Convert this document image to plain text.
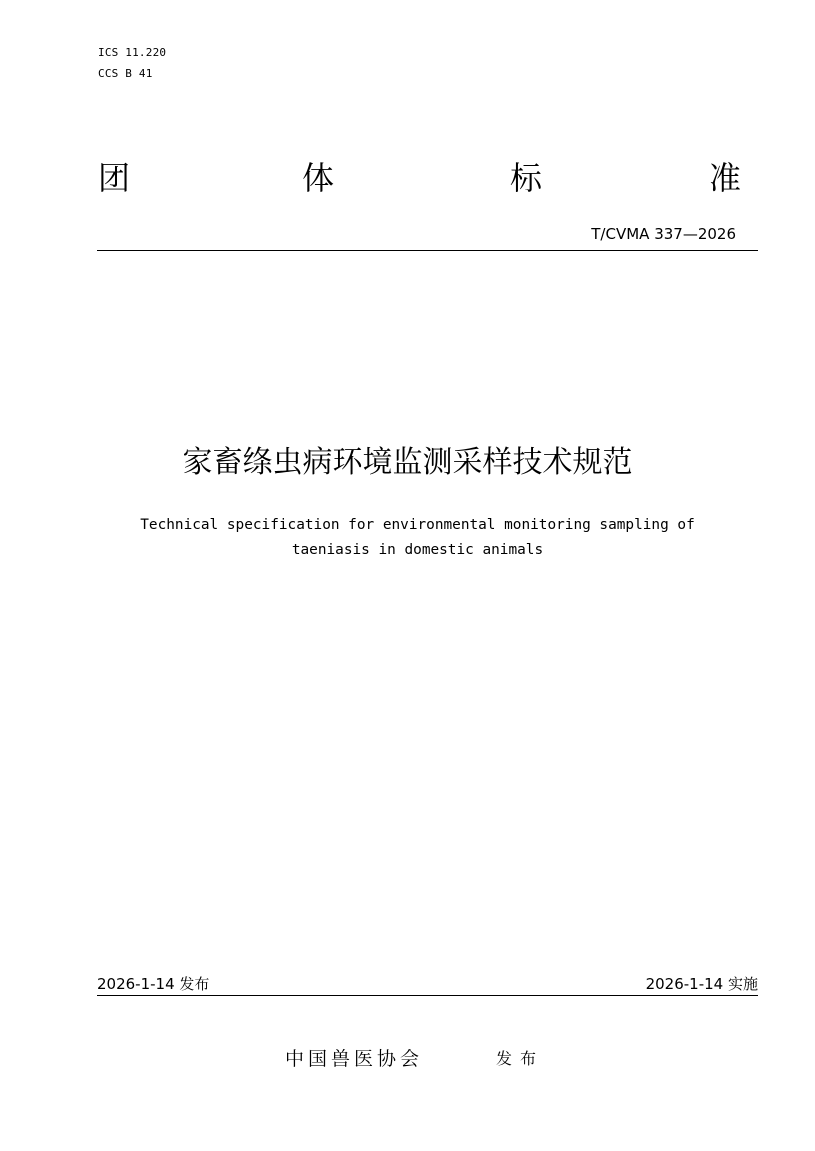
ICS 11.220
CCS B 41
团	体	标	准
T/CVMA 337—2026
家畜绦虫病环境监测采样技术规范
Technical specification for environmental monitoring sampling of
taeniasis in domestic animals
2026-1-14 发布	2026-1-14 实施
中国兽医协会	发布
